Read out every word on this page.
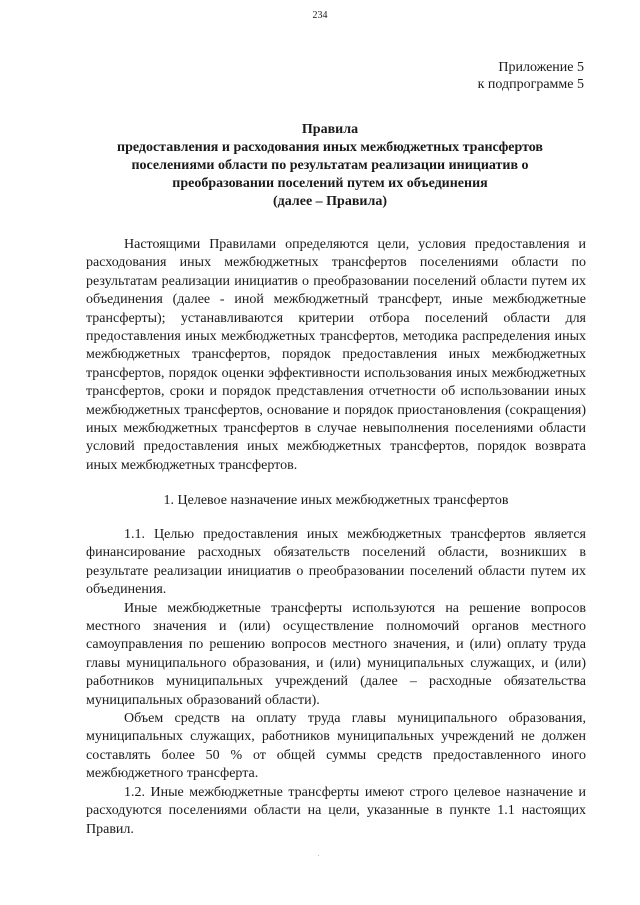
234
Приложение 5
к подпрограмме 5
Правила
предоставления и расходования иных межбюджетных трансфертов
поселениями области по результатам реализации инициатив о
преобразовании поселений путем их объединения
(далее – Правила)

Настоящими Правилами определяются цели, условия предоставления и расходования иных межбюджетных трансфертов поселениями области по результатам реализации инициатив о преобразовании поселений области путем их объединения (далее - иной межбюджетный трансферт, иные межбюджетные трансферты); устанавливаются критерии отбора поселений области для предоставления иных межбюджетных трансфертов, методика распределения иных межбюджетных трансфертов, порядок предоставления иных межбюджетных трансфертов, порядок оценки эффективности использования иных межбюджетных трансфертов, сроки и порядок представления отчетности об использовании иных межбюджетных трансфертов, основание и порядок приостановления (сокращения) иных межбюджетных трансфертов в случае невыполнения поселениями области условий предоставления иных межбюджетных трансфертов, порядок возврата иных межбюджетных трансфертов.

1. Целевое назначение иных межбюджетных трансфертов

1.1. Целью предоставления иных межбюджетных трансфертов является финансирование расходных обязательств поселений области, возникших в результате реализации инициатив о преобразовании поселений области путем их объединения.

Иные межбюджетные трансферты используются на решение вопросов местного значения и (или) осуществление полномочий органов местного самоуправления по решению вопросов местного значения, и (или) оплату труда главы муниципального образования, и (или) муниципальных служащих, и (или) работников муниципальных учреждений (далее – расходные обязательства муниципальных образований области).

Объем средств на оплату труда главы муниципального образования, муниципальных служащих, работников муниципальных учреждений не должен составлять более 50 % от общей суммы средств предоставленного иного межбюджетного трансферта.

1.2. Иные межбюджетные трансферты имеют строго целевое назначение и расходуются поселениями области на цели, указанные в пункте 1.1 настоящих Правил.
